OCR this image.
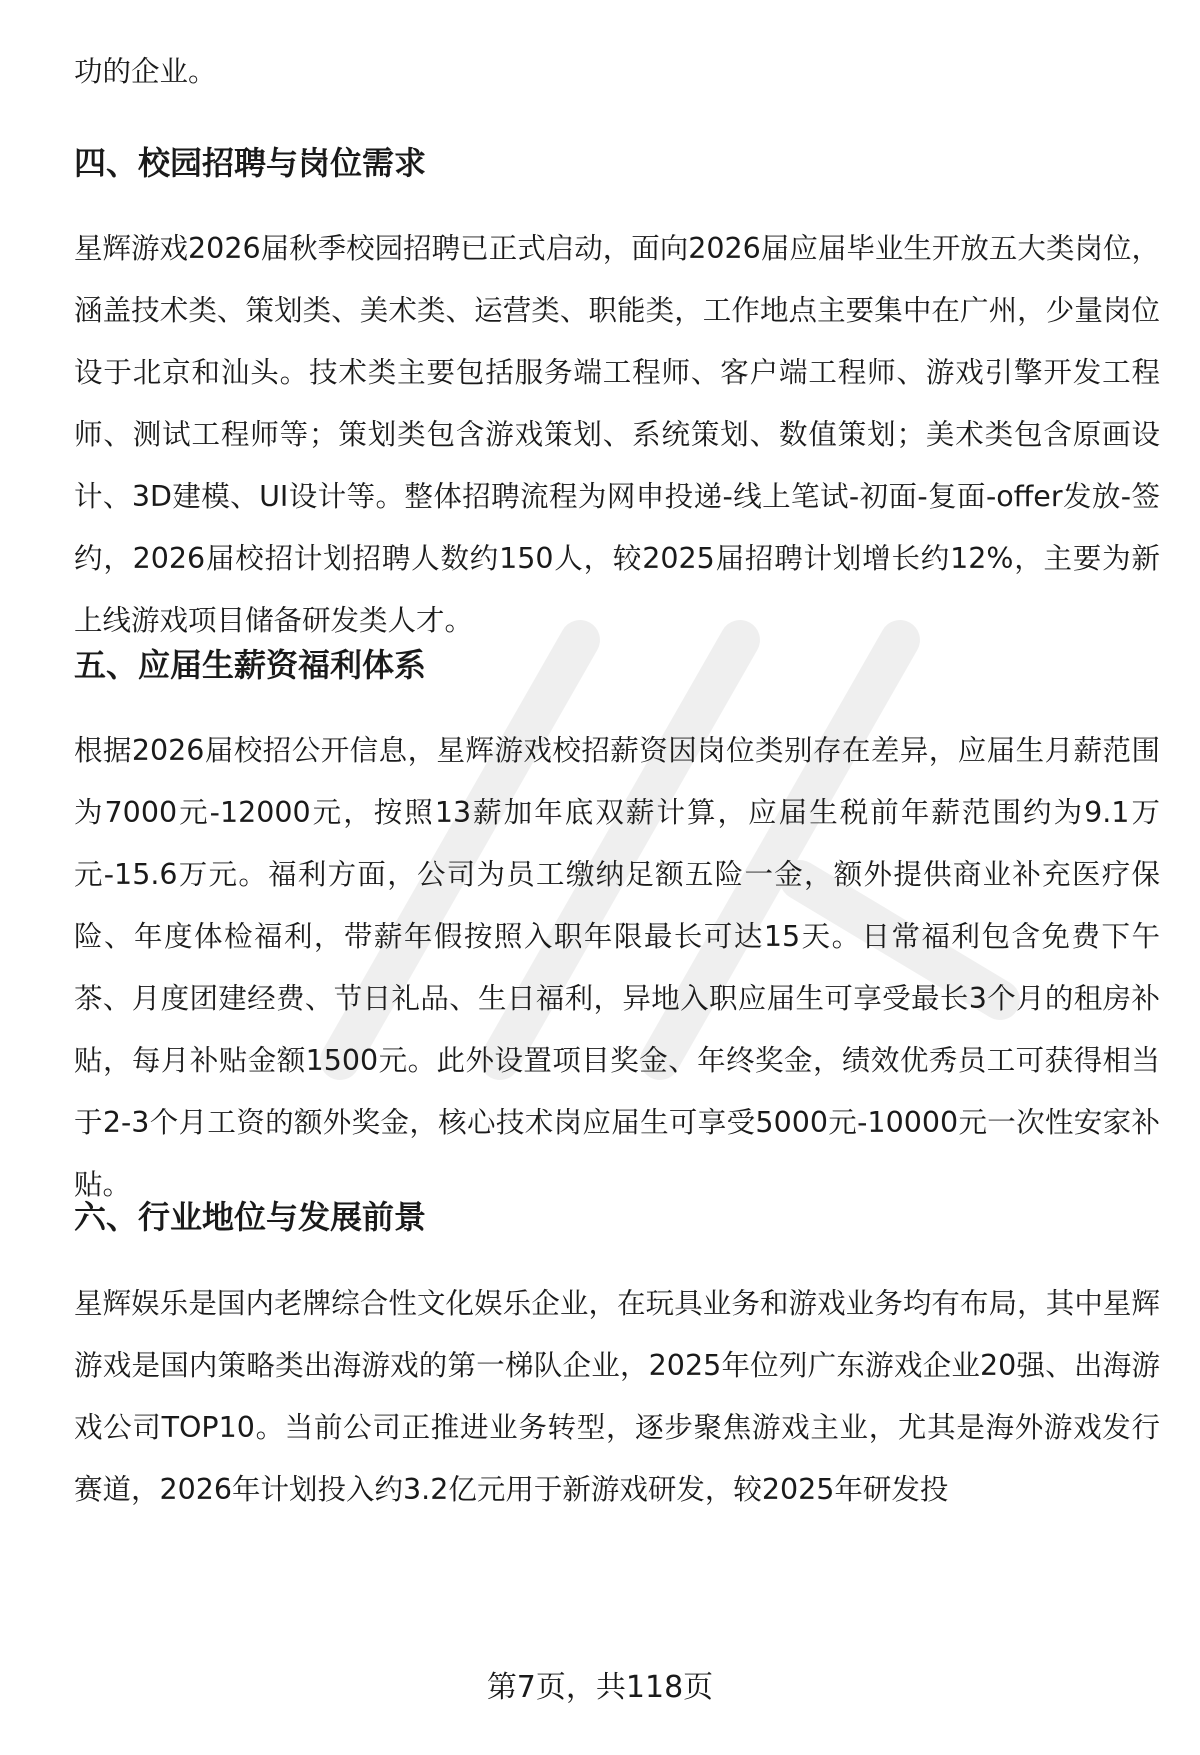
功的企业。

四、校园招聘与岗位需求

星辉游戏2026届秋季校园招聘已正式启动，面向2026届应届毕业生开放五大类岗位，涵盖技术类、策划类、美术类、运营类、职能类，工作地点主要集中在广州，少量岗位设于北京和汕头。技术类主要包括服务端工程师、客户端工程师、游戏引擎开发工程师、测试工程师等；策划类包含游戏策划、系统策划、数值策划；美术类包含原画设计、3D建模、UI设计等。整体招聘流程为网申投递-线上笔试-初面-复面-offer发放-签约，2026届校招计划招聘人数约150人，较2025届招聘计划增长约12%，主要为新上线游戏项目储备研发类人才。

五、应届生薪资福利体系

根据2026届校招公开信息，星辉游戏校招薪资因岗位类别存在差异，应届生月薪范围为7000元-12000元，按照13薪加年底双薪计算，应届生税前年薪范围约为9.1万元-15.6万元。福利方面，公司为员工缴纳足额五险一金，额外提供商业补充医疗保险、年度体检福利，带薪年假按照入职年限最长可达15天。日常福利包含免费下午茶、月度团建经费、节日礼品、生日福利，异地入职应届生可享受最长3个月的租房补贴，每月补贴金额1500元。此外设置项目奖金、年终奖金，绩效优秀员工可获得相当于2-3个月工资的额外奖金，核心技术岗应届生可享受5000元-10000元一次性安家补贴。

六、行业地位与发展前景

星辉娱乐是国内老牌综合性文化娱乐企业，在玩具业务和游戏业务均有布局，其中星辉游戏是国内策略类出海游戏的第一梯队企业，2025年位列广东游戏企业20强、出海游戏公司TOP10。当前公司正推进业务转型，逐步聚焦游戏主业，尤其是海外游戏发行赛道，2026年计划投入约3.2亿元用于新游戏研发，较2025年研发投

第7页，共118页
